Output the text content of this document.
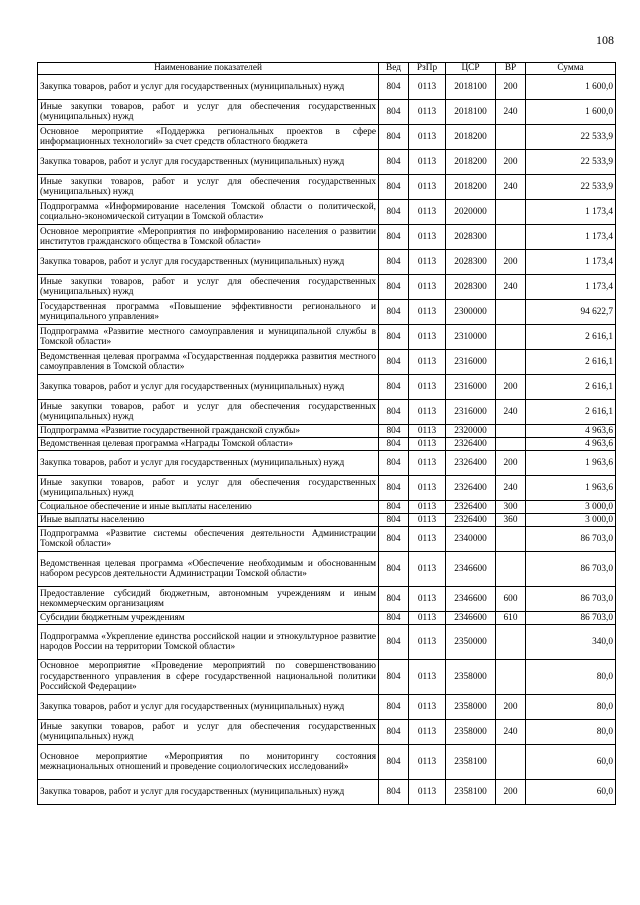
108
Наименование показателей	Вед	РзПр	ЦСР	ВР	Сумма
Закупка товаров, работ и услуг для государственных (муниципальных) нужд	804	0113	2018100	200	1 600,0
Иные закупки товаров, работ и услуг для обеспечения государственных (муниципальных) нужд	804	0113	2018100	240	1 600,0
Основное мероприятие «Поддержка региональных проектов в сфере информационных технологий» за счет средств областного бюджета	804	0113	2018200		22 533,9
Закупка товаров, работ и услуг для государственных (муниципальных) нужд	804	0113	2018200	200	22 533,9
Иные закупки товаров, работ и услуг для обеспечения государственных (муниципальных) нужд	804	0113	2018200	240	22 533,9
Подпрограмма «Информирование населения Томской области о политической, социально-экономической ситуации в Томской области»	804	0113	2020000		1 173,4
Основное мероприятие «Мероприятия по информированию населения о развитии институтов гражданского общества в Томской области»	804	0113	2028300		1 173,4
Закупка товаров, работ и услуг для государственных (муниципальных) нужд	804	0113	2028300	200	1 173,4
Иные закупки товаров, работ и услуг для обеспечения государственных (муниципальных) нужд	804	0113	2028300	240	1 173,4
Государственная программа «Повышение эффективности регионального и муниципального управления»	804	0113	2300000		94 622,7
Подпрограмма «Развитие местного самоуправления и муниципальной службы в Томской области»	804	0113	2310000		2 616,1
Ведомственная целевая программа «Государственная поддержка развития местного самоуправления в Томской области»	804	0113	2316000		2 616,1
Закупка товаров, работ и услуг для государственных (муниципальных) нужд	804	0113	2316000	200	2 616,1
Иные закупки товаров, работ и услуг для обеспечения государственных (муниципальных) нужд	804	0113	2316000	240	2 616,1
Подпрограмма «Развитие государственной гражданской службы»	804	0113	2320000		4 963,6
Ведомственная целевая программа «Награды Томской области»	804	0113	2326400		4 963,6
Закупка товаров, работ и услуг для государственных (муниципальных) нужд	804	0113	2326400	200	1 963,6
Иные закупки товаров, работ и услуг для обеспечения государственных (муниципальных) нужд	804	0113	2326400	240	1 963,6
Социальное обеспечение и иные выплаты населению	804	0113	2326400	300	3 000,0
Иные выплаты населению	804	0113	2326400	360	3 000,0
Подпрограмма «Развитие системы обеспечения деятельности Администрации Томской области»	804	0113	2340000		86 703,0
Ведомственная целевая программа «Обеспечение необходимым и обоснованным набором ресурсов деятельности Администрации Томской области»	804	0113	2346600		86 703,0
Предоставление субсидий бюджетным, автономным учреждениям и иным некоммерческим организациям	804	0113	2346600	600	86 703,0
Субсидии бюджетным учреждениям	804	0113	2346600	610	86 703,0
Подпрограмма «Укрепление единства российской нации и этнокультурное развитие народов России на территории Томской области»	804	0113	2350000		340,0
Основное мероприятие «Проведение мероприятий по совершенствованию государственного управления в сфере государственной национальной политики Российской Федерации»	804	0113	2358000		80,0
Закупка товаров, работ и услуг для государственных (муниципальных) нужд	804	0113	2358000	200	80,0
Иные закупки товаров, работ и услуг для обеспечения государственных (муниципальных) нужд	804	0113	2358000	240	80,0
Основное мероприятие «Мероприятия по мониторингу состояния межнациональных отношений и проведение социологических исследований»	804	0113	2358100		60,0
Закупка товаров, работ и услуг для государственных (муниципальных) нужд	804	0113	2358100	200	60,0
